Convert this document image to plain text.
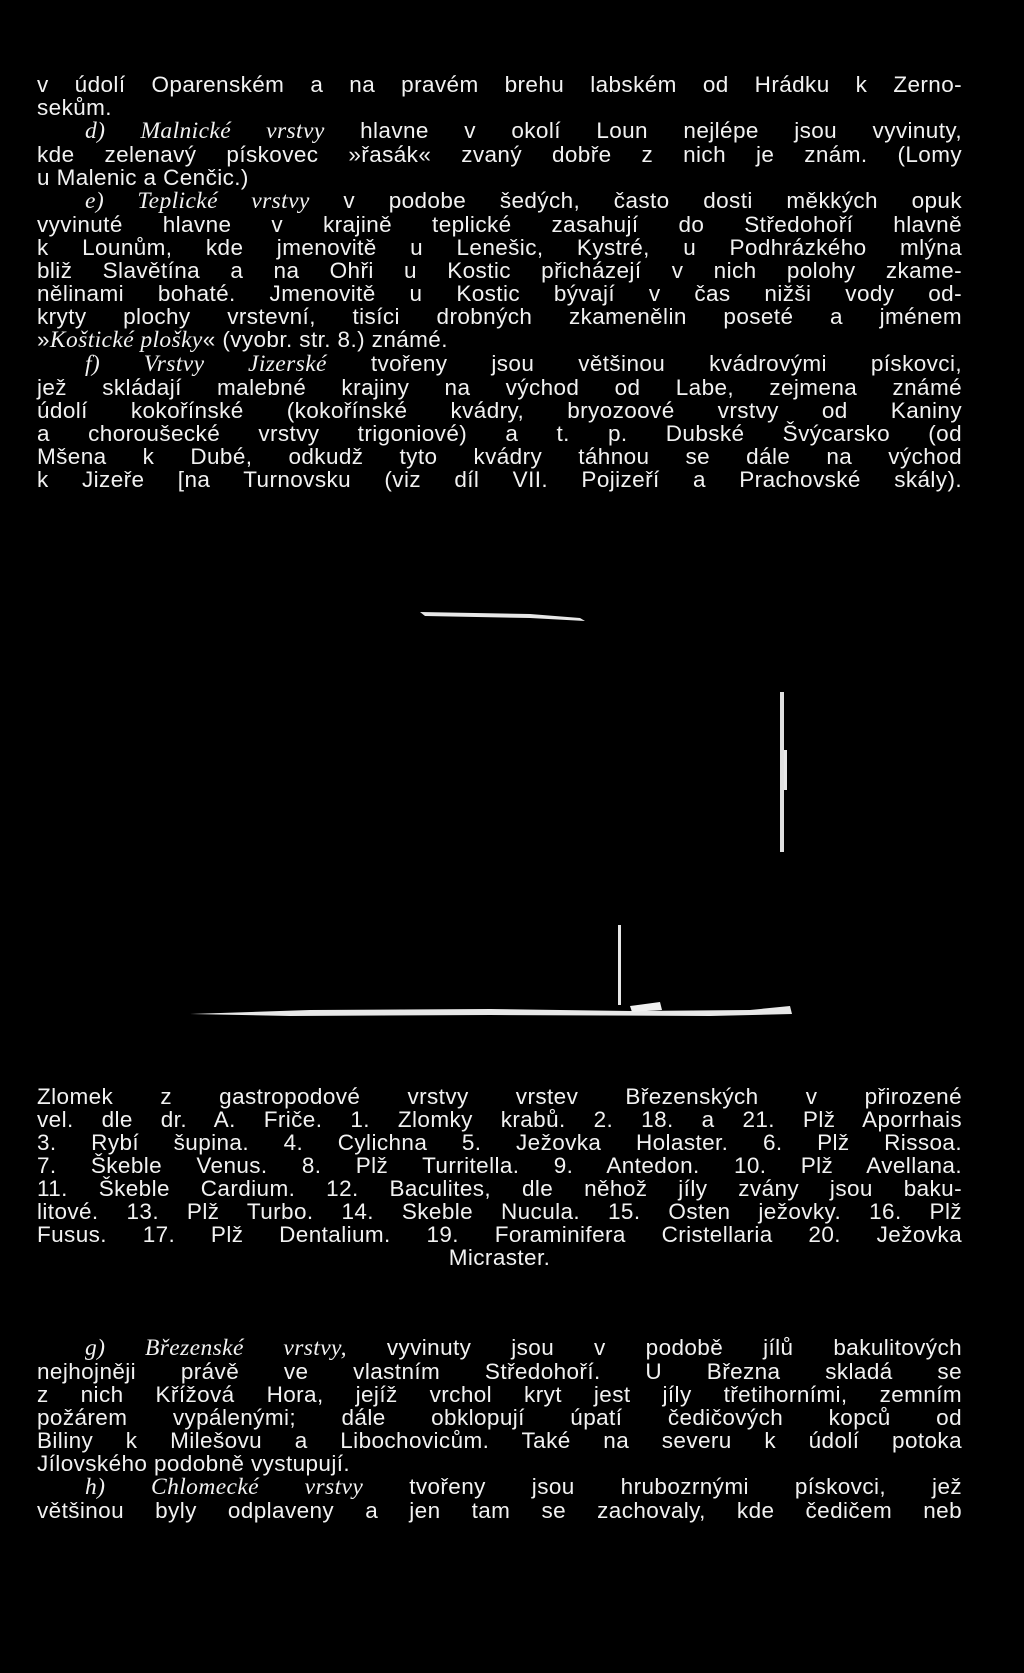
v údolí Oparenském a na pravém brehu labském od Hrádku k Zerno-
sekům.
d) Malnické vrstvy hlavne v okolí Loun nejlépe jsou vyvinuty,
kde zelenavý pískovec »řasák« zvaný dobře z nich je znám. (Lomy
u Malenic a Cenčic.)
e) Teplické vrstvy v podobe šedých, často dosti měkkých opuk
vyvinuté hlavne v krajině teplické zasahují do Středohoří hlavně
k Lounům, kde jmenovitě u Lenešic, Kystré, u Podhrázkého mlýna
bliž Slavětína a na Ohři u Kostic přicházejí v nich polohy zkame-
nělinami bohaté. Jmenovitě u Kostic bývají v čas nižši vody od-
kryty plochy vrstevní, tisíci drobných zkamenělin poseté a jménem
»Koštické plošky« (vyobr. str. 8.) známé.
f) Vrstvy Jizerské tvořeny jsou většinou kvádrovými pískovci,
jež skládají malebné krajiny na východ od Labe, zejmena známé
údolí kokořínské (kokořínské kvádry, bryozoové vrstvy od Kaniny
a choroušecké vrstvy trigoniové) a t. p. Dubské Švýcarsko (od
Mšena k Dubé, odkudž tyto kvádry táhnou se dále na východ
k Jizeře [na Turnovsku (viz díl VII. Pojizeří a Prachovské skály).
Zlomek z gastropodové vrstvy vrstev Březenských v přirozené
vel. dle dr. A. Friče. 1. Zlomky krabů. 2. 18. a 21. Plž Aporrhais
3. Rybí šupina. 4. Cylichna 5. Ježovka Holaster. 6. Plž Rissoa.
7. Škeble Venus. 8. Plž Turritella. 9. Antedon. 10. Plž Avellana.
11. Škeble Cardium. 12. Baculites, dle něhož jíly zvány jsou baku-
litové. 13. Plž Turbo. 14. Skeble Nucula. 15. Osten ježovky. 16. Plž
Fusus. 17. Plž Dentalium. 19. Foraminifera Cristellaria 20. Ježovka
Micraster.
g) Březenské vrstvy, vyvinuty jsou v podobě jílů bakulitových
nejhojněji právě ve vlastním Středohoří. U Března skladá se
z nich Křížová Hora, jejíž vrchol kryt jest jíly třetihorními, zemním
požárem vypálenými; dále obklopují úpatí čedičových kopců od
Biliny k Milešovu a Libochovicům. Také na severu k údolí potoka
Jílovského podobně vystupují.
h) Chlomecké vrstvy tvořeny jsou hrubozrnými pískovci, jež
většinou byly odplaveny a jen tam se zachovaly, kde čedičem neb
